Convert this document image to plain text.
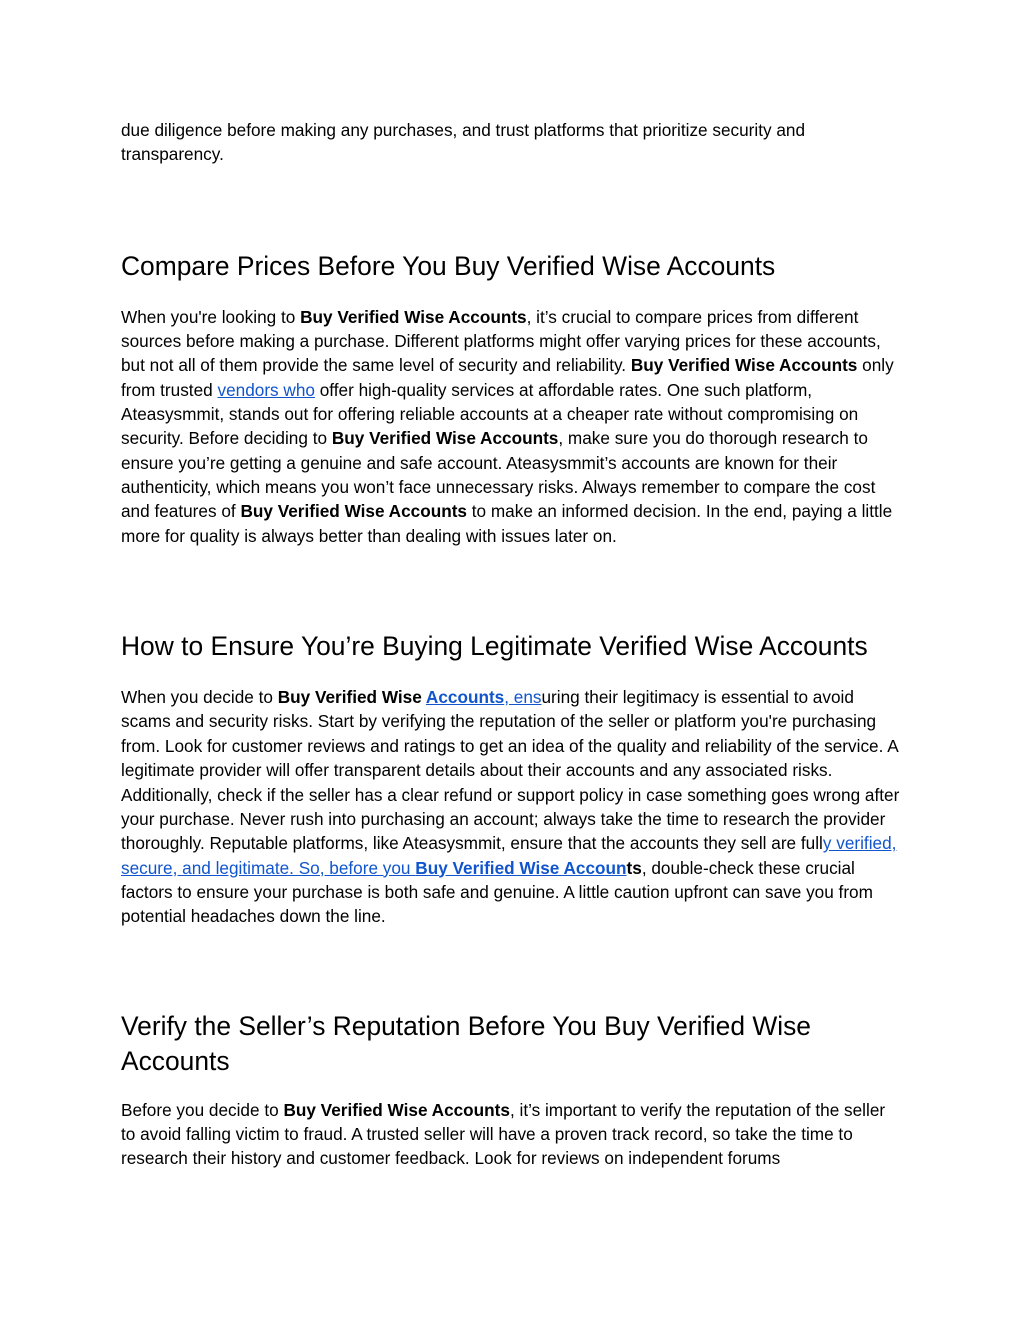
due diligence before making any purchases, and trust platforms that prioritize security and transparency.

Compare Prices Before You Buy Verified Wise Accounts

When you're looking to Buy Verified Wise Accounts, it’s crucial to compare prices from different sources before making a purchase. Different platforms might offer varying prices for these accounts, but not all of them provide the same level of security and reliability. Buy Verified Wise Accounts only from trusted vendors who offer high-quality services at affordable rates. One such platform, Ateasysmmit, stands out for offering reliable accounts at a cheaper rate without compromising on security. Before deciding to Buy Verified Wise Accounts, make sure you do thorough research to ensure you’re getting a genuine and safe account. Ateasysmmit’s accounts are known for their authenticity, which means you won’t face unnecessary risks. Always remember to compare the cost and features of Buy Verified Wise Accounts to make an informed decision. In the end, paying a little more for quality is always better than dealing with issues later on.

How to Ensure You’re Buying Legitimate Verified Wise Accounts

When you decide to Buy Verified Wise Accounts, ensuring their legitimacy is essential to avoid scams and security risks. Start by verifying the reputation of the seller or platform you're purchasing from. Look for customer reviews and ratings to get an idea of the quality and reliability of the service. A legitimate provider will offer transparent details about their accounts and any associated risks. Additionally, check if the seller has a clear refund or support policy in case something goes wrong after your purchase. Never rush into purchasing an account; always take the time to research the provider thoroughly. Reputable platforms, like Ateasysmmit, ensure that the accounts they sell are fully verified, secure, and legitimate. So, before you Buy Verified Wise Accounts, double-check these crucial factors to ensure your purchase is both safe and genuine. A little caution upfront can save you from potential headaches down the line.

Verify the Seller’s Reputation Before You Buy Verified Wise Accounts

Before you decide to Buy Verified Wise Accounts, it’s important to verify the reputation of the seller to avoid falling victim to fraud. A trusted seller will have a proven track record, so take the time to research their history and customer feedback. Look for reviews on independent forums
